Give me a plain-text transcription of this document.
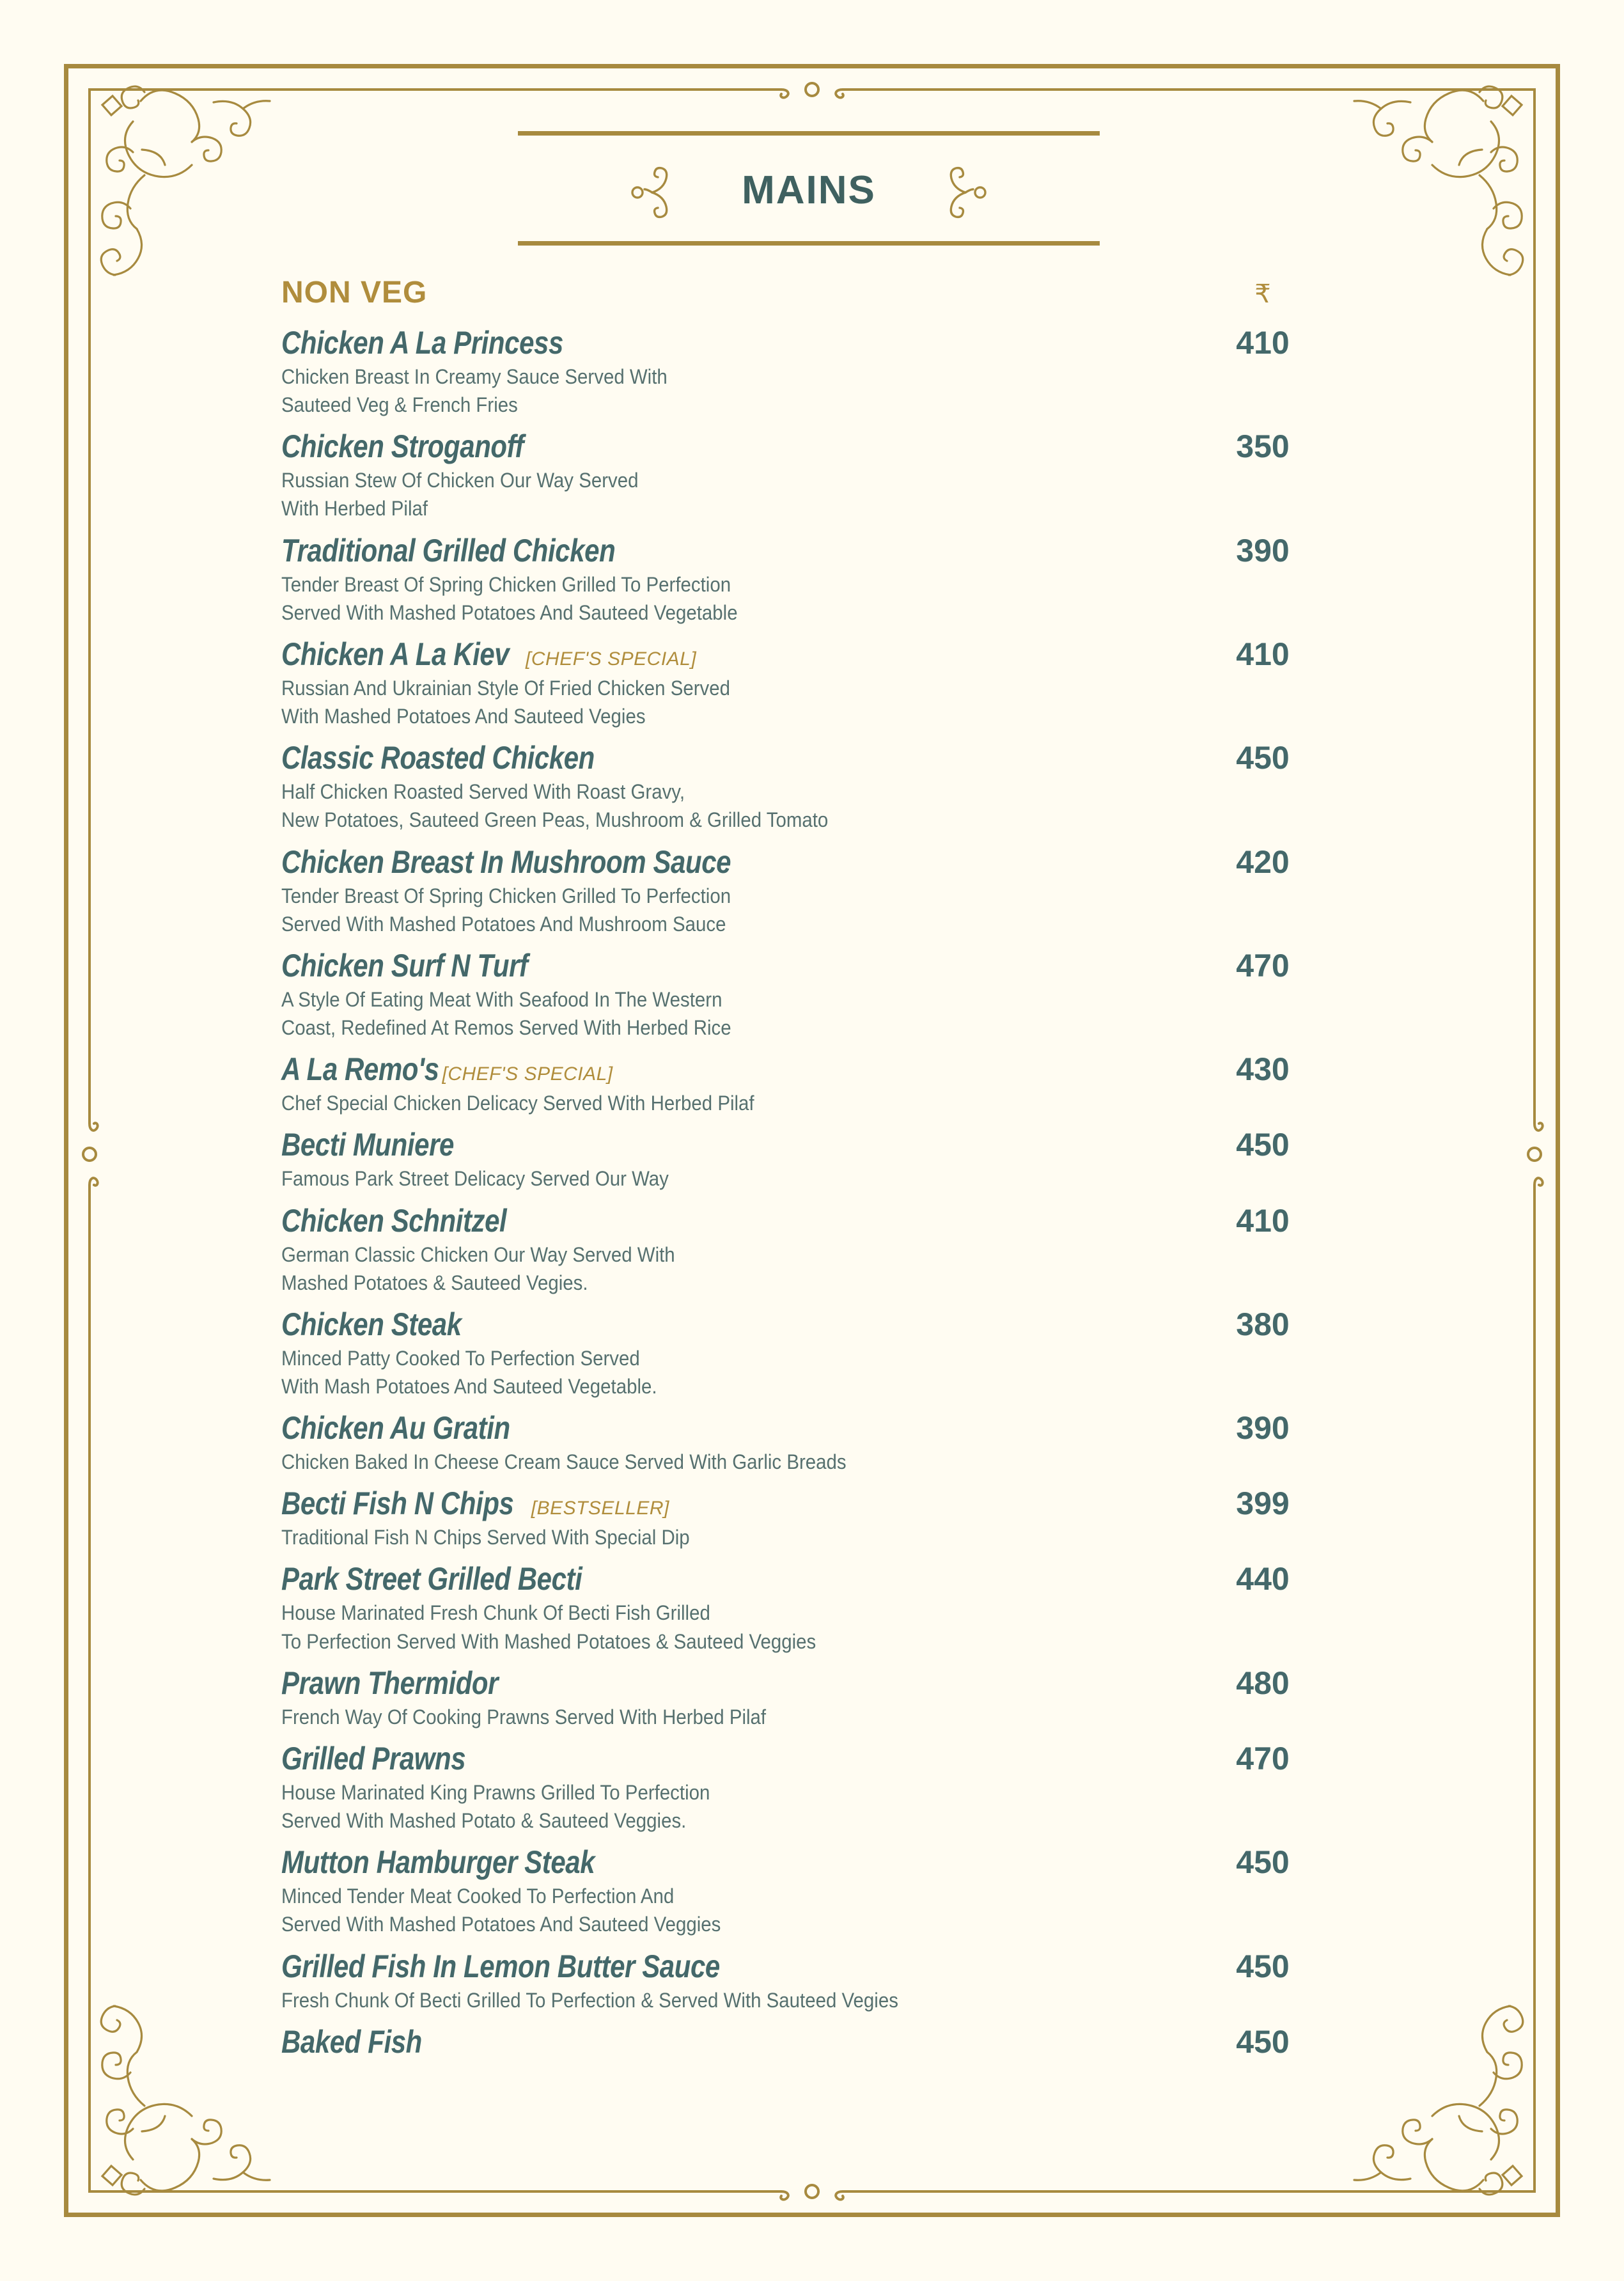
MAINS
NON VEG	₹
Chicken A La Princess
Chicken Breast In Creamy Sauce Served With
Sauteed Veg & French Fries
410
Chicken Stroganoff
Russian Stew Of Chicken Our Way Served
With Herbed Pilaf
350
Traditional Grilled Chicken
Tender Breast Of Spring Chicken Grilled To Perfection
Served With Mashed Potatoes And Sauteed Vegetable
390
Chicken A La Kiev [CHEF'S SPECIAL]
Russian And Ukrainian Style Of Fried Chicken Served
With Mashed Potatoes And Sauteed Vegies
410
Classic Roasted Chicken
Half Chicken Roasted Served With Roast Gravy,
New Potatoes, Sauteed Green Peas, Mushroom & Grilled Tomato
450
Chicken Breast In Mushroom Sauce
Tender Breast Of Spring Chicken Grilled To Perfection
Served With Mashed Potatoes And Mushroom Sauce
420
Chicken Surf N Turf
A Style Of Eating Meat With Seafood In The Western
Coast, Redefined At Remos Served With Herbed Rice
470
A La Remo's [CHEF'S SPECIAL]
Chef Special Chicken Delicacy Served With Herbed Pilaf
430
Becti Muniere
Famous Park Street Delicacy Served Our Way
450
Chicken Schnitzel
German Classic Chicken Our Way Served With
Mashed Potatoes & Sauteed Vegies.
410
Chicken Steak
Minced Patty Cooked To Perfection Served
With Mash Potatoes And Sauteed Vegetable.
380
Chicken Au Gratin
Chicken Baked In Cheese Cream Sauce Served With Garlic Breads
390
Becti Fish N Chips [BESTSELLER]
Traditional Fish N Chips Served With Special Dip
399
Park Street Grilled Becti
House Marinated Fresh Chunk Of Becti Fish Grilled
To Perfection Served With Mashed Potatoes & Sauteed Veggies
440
Prawn Thermidor
French Way Of Cooking Prawns Served With Herbed Pilaf
480
Grilled Prawns
House Marinated King Prawns Grilled To Perfection
Served With Mashed Potato & Sauteed Veggies.
470
Mutton Hamburger Steak
Minced Tender Meat Cooked To Perfection And
Served With Mashed Potatoes And Sauteed Veggies
450
Grilled Fish In Lemon Butter Sauce
Fresh Chunk Of Becti Grilled To Perfection & Served With Sauteed Vegies
450
Baked Fish	450
